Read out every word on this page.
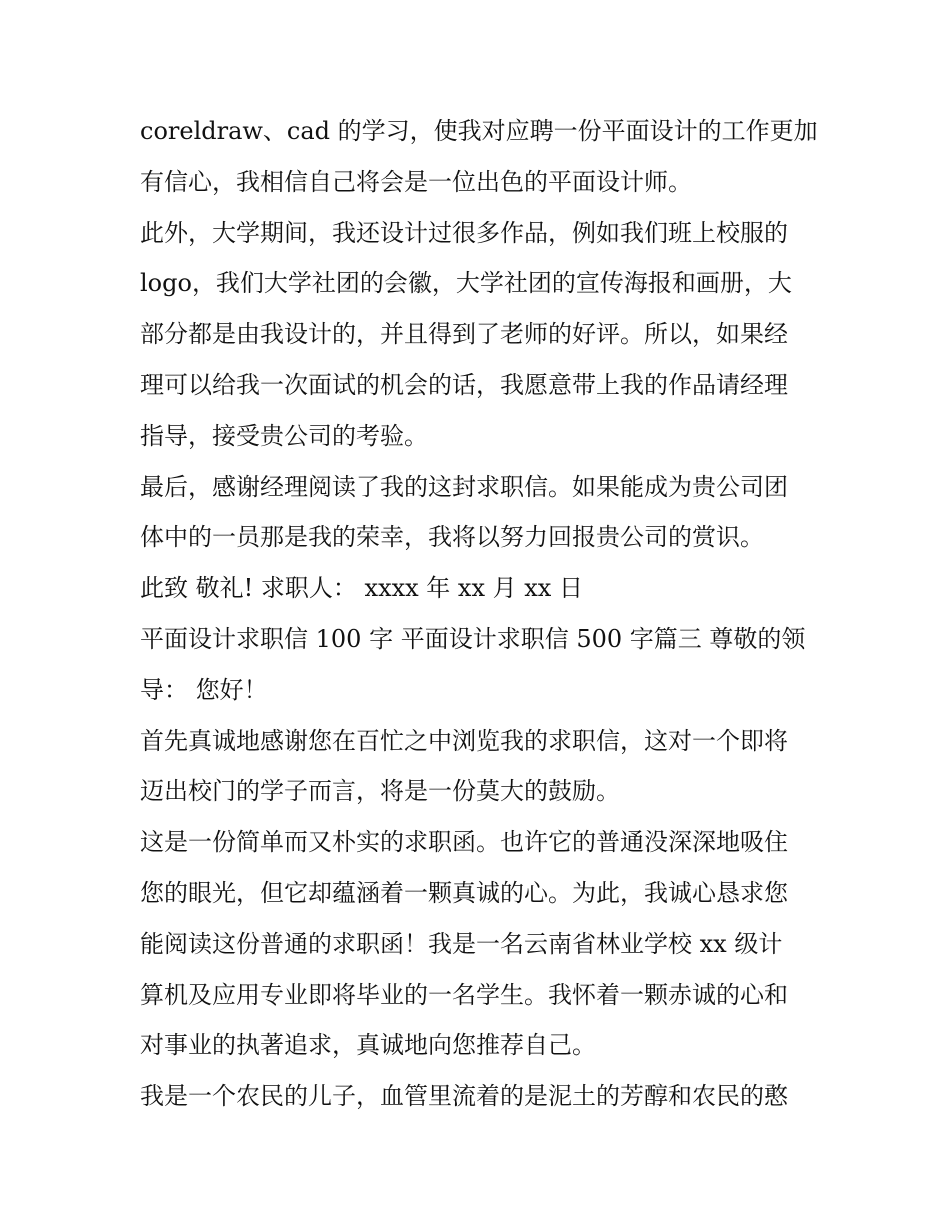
coreldraw、cad 的学习，使我对应聘一份平面设计的工作更加
有信心，我相信自己将会是一位出色的平面设计师。
此外，大学期间，我还设计过很多作品，例如我们班上校服的
logo，我们大学社团的会徽，大学社团的宣传海报和画册，大
部分都是由我设计的，并且得到了老师的好评。所以，如果经
理可以给我一次面试的机会的话，我愿意带上我的作品请经理
指导，接受贵公司的考验。
最后，感谢经理阅读了我的这封求职信。如果能成为贵公司团
体中的一员那是我的荣幸，我将以努力回报贵公司的赏识。
此致 敬礼! 求职人： xxxx 年 xx 月 xx 日
平面设计求职信 100 字 平面设计求职信 500 字篇三 尊敬的领
导： 您好！
首先真诚地感谢您在百忙之中浏览我的求职信，这对一个即将
迈出校门的学子而言，将是一份莫大的鼓励。
这是一份简单而又朴实的求职函。也许它的普通没深深地吸住
您的眼光，但它却蕴涵着一颗真诚的心。为此，我诚心恳求您
能阅读这份普通的求职函！我是一名云南省林业学校 xx 级计
算机及应用专业即将毕业的一名学生。我怀着一颗赤诚的心和
对事业的执著追求，真诚地向您推荐自己。
我是一个农民的儿子，血管里流着的是泥土的芳醇和农民的憨
